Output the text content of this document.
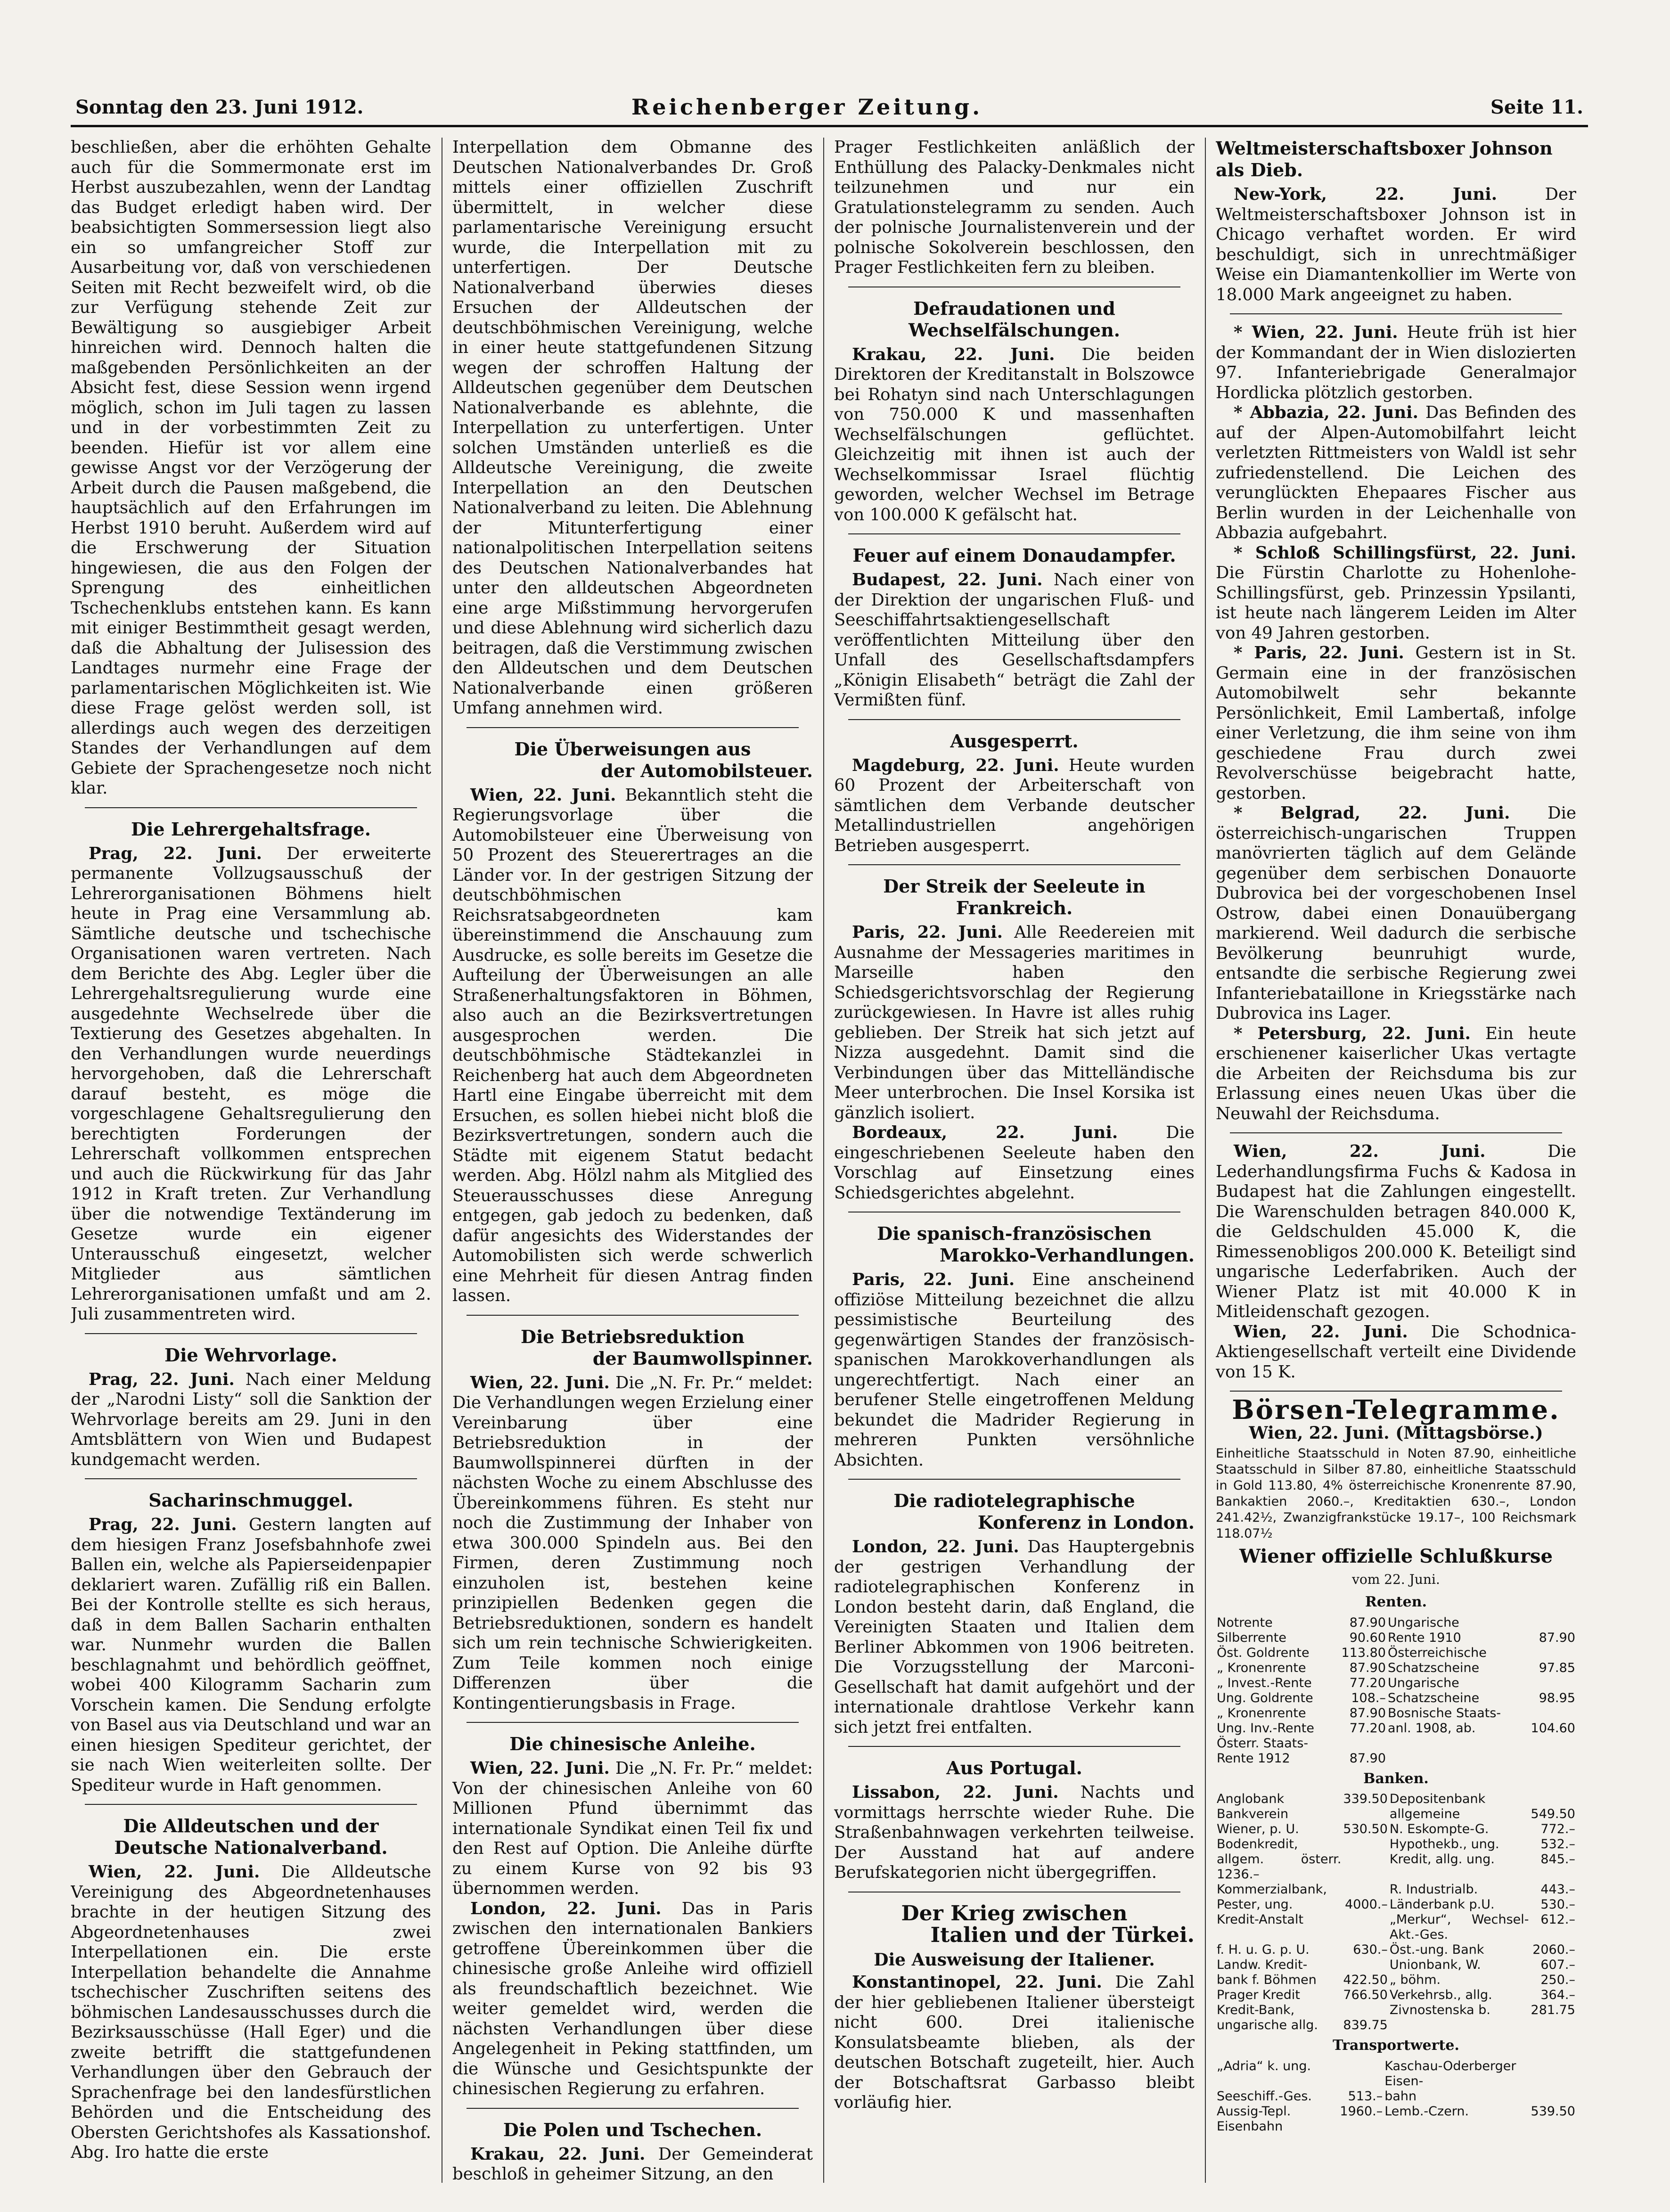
Sonntag den 23. Juni 1912.	Reichenberger Zeitung.	Seite 11.

beschließen, aber die erhöhten Gehalte auch für die Sommermonate erst im Herbst auszubezahlen, wenn der Landtag das Budget erledigt haben wird. Der beabsichtigten Sommersession liegt also ein so umfangreicher Stoff zur Ausarbeitung vor, daß von verschiedenen Seiten mit Recht bezweifelt wird, ob die zur Verfügung stehende Zeit zur Bewältigung so ausgiebiger Arbeit hinreichen wird. Dennoch halten die maßgebenden Persönlichkeiten an der Absicht fest, diese Session wenn irgend möglich, schon im Juli tagen zu lassen und in der vorbestimmten Zeit zu beenden. Hiefür ist vor allem eine gewisse Angst vor der Verzögerung der Arbeit durch die Pausen maßgebend, die hauptsächlich auf den Erfahrungen im Herbst 1910 beruht. Außerdem wird auf die Erschwerung der Situation hingewiesen, die aus den Folgen der Sprengung des einheitlichen Tschechenklubs entstehen kann. Es kann mit einiger Bestimmtheit gesagt werden, daß die Abhaltung der Julisession des Landtages nurmehr eine Frage der parlamentarischen Möglichkeiten ist. Wie diese Frage gelöst werden soll, ist allerdings auch wegen des derzeitigen Standes der Verhandlungen auf dem Gebiete der Sprachengesetze noch nicht klar.

Die Lehrergehaltsfrage.

Prag, 22. Juni. Der erweiterte permanente Vollzugsausschuß der Lehrerorganisationen Böhmens hielt heute in Prag eine Versammlung ab. Sämtliche deutsche und tschechische Organisationen waren vertreten. Nach dem Berichte des Abg. Legler über die Lehrergehaltsregulierung wurde eine ausgedehnte Wechselrede über die Textierung des Gesetzes abgehalten. In den Verhandlungen wurde neuerdings hervorgehoben, daß die Lehrerschaft darauf besteht, es möge die vorgeschlagene Gehaltsregulierung den berechtigten Forderungen der Lehrerschaft vollkommen entsprechen und auch die Rückwirkung für das Jahr 1912 in Kraft treten. Zur Verhandlung über die notwendige Textänderung im Gesetze wurde ein eigener Unterausschuß eingesetzt, welcher Mitglieder aus sämtlichen Lehrerorganisationen umfaßt und am 2. Juli zusammentreten wird.

Die Wehrvorlage.

Prag, 22. Juni. Nach einer Meldung der „Narodni Listy“ soll die Sanktion der Wehrvorlage bereits am 29. Juni in den Amtsblättern von Wien und Budapest kundgemacht werden.

Sacharinschmuggel.

Prag, 22. Juni. Gestern langten auf dem hiesigen Franz Josefsbahnhofe zwei Ballen ein, welche als Papierseidenpapier deklariert waren. Zufällig riß ein Ballen. Bei der Kontrolle stellte es sich heraus, daß in dem Ballen Sacharin enthalten war. Nunmehr wurden die Ballen beschlagnahmt und behördlich geöffnet, wobei 400 Kilogramm Sacharin zum Vorschein kamen. Die Sendung erfolgte von Basel aus via Deutschland und war an einen hiesigen Spediteur gerichtet, der sie nach Wien weiterleiten sollte. Der Spediteur wurde in Haft genommen.

Die Alldeutschen und der
Deutsche Nationalverband.

Wien, 22. Juni. Die Alldeutsche Vereinigung des Abgeordnetenhauses brachte in der heutigen Sitzung des Abgeordnetenhauses zwei Interpellationen ein. Die erste Interpellation behandelte die Annahme tschechischer Zuschriften seitens des böhmischen Landesausschusses durch die Bezirksausschüsse (Hall Eger) und die zweite betrifft die stattgefundenen Verhandlungen über den Gebrauch der Sprachenfrage bei den landesfürstlichen Behörden und die Entscheidung des Obersten Gerichtshofes als Kassationshof. Abg. Iro hatte die erste

Interpellation dem Obmanne des Deutschen Nationalverbandes Dr. Groß mittels einer offiziellen Zuschrift übermittelt, in welcher diese parlamentarische Vereinigung ersucht wurde, die Interpellation mit zu unterfertigen. Der Deutsche Nationalverband überwies dieses Ersuchen der Alldeutschen der deutschböhmischen Vereinigung, welche in einer heute stattgefundenen Sitzung wegen der schroffen Haltung der Alldeutschen gegenüber dem Deutschen Nationalverbande es ablehnte, die Interpellation zu unterfertigen. Unter solchen Umständen unterließ es die Alldeutsche Vereinigung, die zweite Interpellation an den Deutschen Nationalverband zu leiten. Die Ablehnung der Mitunterfertigung einer nationalpolitischen Interpellation seitens des Deutschen Nationalverbandes hat unter den alldeutschen Abgeordneten eine arge Mißstimmung hervorgerufen und diese Ablehnung wird sicherlich dazu beitragen, daß die Verstimmung zwischen den Alldeutschen und dem Deutschen Nationalverbande einen größeren Umfang annehmen wird.

Die Überweisungen aus
der Automobilsteuer.

Wien, 22. Juni. Bekanntlich steht die Regierungsvorlage über die Automobilsteuer eine Überweisung von 50 Prozent des Steuerertrages an die Länder vor. In der gestrigen Sitzung der deutschböhmischen Reichsratsabgeordneten kam übereinstimmend die Anschauung zum Ausdrucke, es solle bereits im Gesetze die Aufteilung der Überweisungen an alle Straßenerhaltungsfaktoren in Böhmen, also auch an die Bezirksvertretungen ausgesprochen werden. Die deutschböhmische Städtekanzlei in Reichenberg hat auch dem Abgeordneten Hartl eine Eingabe überreicht mit dem Ersuchen, es sollen hiebei nicht bloß die Bezirksvertretungen, sondern auch die Städte mit eigenem Statut bedacht werden. Abg. Hölzl nahm als Mitglied des Steuerausschusses diese Anregung entgegen, gab jedoch zu bedenken, daß dafür angesichts des Widerstandes der Automobilisten sich werde schwerlich eine Mehrheit für diesen Antrag finden lassen.

Die Betriebsreduktion
der Baumwollspinner.

Wien, 22. Juni. Die „N. Fr. Pr.“ meldet: Die Verhandlungen wegen Erzielung einer Vereinbarung über eine Betriebsreduktion in der Baumwollspinnerei dürften in der nächsten Woche zu einem Abschlusse des Übereinkommens führen. Es steht nur noch die Zustimmung der Inhaber von etwa 300.000 Spindeln aus. Bei den Firmen, deren Zustimmung noch einzuholen ist, bestehen keine prinzipiellen Bedenken gegen die Betriebsreduktionen, sondern es handelt sich um rein technische Schwierigkeiten. Zum Teile kommen noch einige Differenzen über die Kontingentierungsbasis in Frage.

Die chinesische Anleihe.

Wien, 22. Juni. Die „N. Fr. Pr.“ meldet: Von der chinesischen Anleihe von 60 Millionen Pfund übernimmt das internationale Syndikat einen Teil fix und den Rest auf Option. Die Anleihe dürfte zu einem Kurse von 92 bis 93 übernommen werden.

London, 22. Juni. Das in Paris zwischen den internationalen Bankiers getroffene Übereinkommen über die chinesische große Anleihe wird offiziell als freundschaftlich bezeichnet. Wie weiter gemeldet wird, werden die nächsten Verhandlungen über diese Angelegenheit in Peking stattfinden, um die Wünsche und Gesichtspunkte der chinesischen Regierung zu erfahren.

Die Polen und Tschechen.

Krakau, 22. Juni. Der Gemeinderat beschloß in geheimer Sitzung, an den

Prager Festlichkeiten anläßlich der Enthüllung des Palacky-Denkmales nicht teilzunehmen und nur ein Gratulationstelegramm zu senden. Auch der polnische Journalistenverein und der polnische Sokolverein beschlossen, den Prager Festlichkeiten fern zu bleiben.

Defraudationen und Wechselfälschungen.

Krakau, 22. Juni. Die beiden Direktoren der Kreditanstalt in Bolszowce bei Rohatyn sind nach Unterschlagungen von 750.000 K und massenhaften Wechselfälschungen geflüchtet. Gleichzeitig mit ihnen ist auch der Wechselkommissar Israel flüchtig geworden, welcher Wechsel im Betrage von 100.000 K gefälscht hat.

Feuer auf einem Donaudampfer.

Budapest, 22. Juni. Nach einer von der Direktion der ungarischen Fluß- und Seeschiffahrtsaktiengesellschaft veröffentlichten Mitteilung über den Unfall des Gesellschaftsdampfers „Königin Elisabeth“ beträgt die Zahl der Vermißten fünf.

Ausgesperrt.

Magdeburg, 22. Juni. Heute wurden 60 Prozent der Arbeiterschaft von sämtlichen dem Verbande deutscher Metallindustriellen angehörigen Betrieben ausgesperrt.

Der Streik der Seeleute in Frankreich.

Paris, 22. Juni. Alle Reedereien mit Ausnahme der Messageries maritimes in Marseille haben den Schiedsgerichtsvorschlag der Regierung zurückgewiesen. In Havre ist alles ruhig geblieben. Der Streik hat sich jetzt auf Nizza ausgedehnt. Damit sind die Verbindungen über das Mittelländische Meer unterbrochen. Die Insel Korsika ist gänzlich isoliert.

Bordeaux, 22. Juni.	Die eingeschriebenen Seeleute haben den Vorschlag auf Einsetzung eines Schiedsgerichtes abgelehnt.

Die spanisch-französischen
Marokko-Verhandlungen.

Paris, 22. Juni. Eine anscheinend offiziöse Mitteilung bezeichnet die allzu pessimistische Beurteilung des gegenwärtigen Standes der französisch-spanischen Marokkoverhandlungen als ungerechtfertigt. Nach einer an berufener Stelle eingetroffenen Meldung bekundet die Madrider Regierung in mehreren Punkten versöhnliche Absichten.

Die radiotelegraphische
Konferenz in London.

London, 22. Juni. Das Hauptergebnis der gestrigen Verhandlung der radiotelegraphischen Konferenz in London besteht darin, daß England, die Vereinigten Staaten und Italien dem Berliner Abkommen von 1906 beitreten. Die Vorzugsstellung der Marconi-Gesellschaft hat damit aufgehört und der internationale drahtlose Verkehr kann sich jetzt frei entfalten.

Aus Portugal.

Lissabon, 22. Juni. Nachts und vormittags herrschte wieder Ruhe. Die Straßenbahnwagen verkehrten teilweise. Der Ausstand hat auf andere Berufskategorien nicht übergegriffen.

Der Krieg zwischen
Italien und der Türkei.
Die Ausweisung der Italiener.

Konstantinopel, 22. Juni. Die Zahl der hier gebliebenen Italiener übersteigt nicht 600. Drei italienische Konsulatsbeamte blieben, als der deutschen Botschaft zugeteilt, hier. Auch der Botschaftsrat Garbasso bleibt vorläufig hier.

Weltmeisterschaftsboxer Johnson als Dieb.

New-York, 22. Juni.	Der Weltmeisterschaftsboxer Johnson ist in Chicago verhaftet worden. Er wird beschuldigt, sich in unrechtmäßiger Weise ein Diamantenkollier im Werte von 18.000 Mark angeeignet zu haben.

* Wien, 22. Juni. Heute früh ist hier der Kommandant der in Wien dislozierten 97. Infanteriebrigade Generalmajor Hordlicka plötzlich gestorben.

* Abbazia, 22. Juni. Das Befinden des auf der Alpen-Automobilfahrt leicht verletzten Rittmeisters von Waldl ist sehr zufriedenstellend. Die Leichen des verunglückten Ehepaares Fischer aus Berlin wurden in der Leichenhalle von Abbazia aufgebahrt.

* Schloß Schillingsfürst, 22. Juni. Die Fürstin Charlotte zu Hohenlohe-Schillingsfürst, geb. Prinzessin Ypsilanti, ist heute nach längerem Leiden im Alter von 49 Jahren gestorben.

* Paris, 22. Juni. Gestern ist in St. Germain eine in der französischen Automobilwelt sehr bekannte Persönlichkeit, Emil Lambertaß, infolge einer Verletzung, die ihm seine von ihm geschiedene Frau durch zwei Revolverschüsse beigebracht hatte, gestorben.

* Belgrad, 22. Juni. Die österreichisch-ungarischen Truppen manövrierten täglich auf dem Gelände gegenüber dem serbischen Donauorte Dubrovica bei der vorgeschobenen Insel Ostrow, dabei einen Donauübergang markierend. Weil dadurch die serbische Bevölkerung beunruhigt wurde, entsandte die serbische Regierung zwei Infanteriebataillone in Kriegsstärke nach Dubrovica ins Lager.

* Petersburg, 22. Juni. Ein heute erschienener kaiserlicher Ukas vertagte die Arbeiten der Reichsduma bis zur Erlassung eines neuen Ukas über die Neuwahl der Reichsduma.

Wien, 22. Juni.	Die Lederhandlungsfirma Fuchs & Kadosa in Budapest hat die Zahlungen eingestellt. Die Warenschulden betragen 840.000 K, die Geldschulden 45.000 K, die Rimessenobligos 200.000 K. Beteiligt sind ungarische Lederfabriken. Auch der Wiener Platz ist mit 40.000 K in Mitleidenschaft gezogen.

Wien, 22. Juni. Die Schodnica-Aktiengesellschaft verteilt eine Dividende von 15 K.

Börsen-Telegramme.
Wien, 22. Juni. (Mittagsbörse.)
Einheitliche Staatsschuld in Noten 87.90, einheitliche Staatsschuld in Silber 87.80, einheitliche Staatsschuld in Gold 113.80, 4% österreichische Kronenrente 87.90, Bankaktien 2060.–, Kreditaktien 630.–, London 241.42½, Zwanzigfrankstücke 19.17–, 100 Reichsmark 118.07½
Wiener offizielle Schlußkurse
vom 22. Juni.
Renten.
Notrente	87.90	Ungarische	
Silberrente	90.60	Rente 1910	87.90
Öst. Goldrente	113.80	Österreichische	
„ Kronenrente	87.90	Schatzscheine	97.85
„ Invest.-Rente	77.20	Ungarische	
Ung. Goldrente	108.–	Schatzscheine	98.95
„ Kronenrente	87.90	Bosnische Staats-	
Ung. Inv.-Rente	77.20	anl. 1908, ab.	104.60
Österr. Staats-			
Rente 1912	87.90		
Banken.
Anglobank	339.50	Depositenbank	
Bankverein		allgemeine	549.50
Wiener, p. U.	530.50	N. Eskompte-G.	772.–
Bodenkredit,		Hypothekb., ung.	532.–
allgem. österr. 1236.–		Kredit, allg. ung.	845.–
Kommerzialbank,		R. Industrialb.	443.–
Pester, ung.	4000.–	Länderbank p.U.	530.–
Kredit-Anstalt		„Merkur“, Wechsel-Akt.-Ges.	612.–
f. H. u. G. p. U.	630.–	Öst.-ung. Bank	2060.–
Landw. Kredit-		Unionbank, W.	607.–
bank f. Böhmen	422.50	„ böhm.	250.–
Prager Kredit	766.50	Verkehrsb., allg.	364.–
Kredit-Bank,		Zivnostenska b.	281.75
ungarische allg.	839.75		
Transportwerte.
„Adria“ k. ung.		Kaschau-Oderberger Eisen-	
Seeschiff.-Ges.	513.–	bahn	
Aussig-Tepl. Eisenbahn	1960.–	Lemb.-Czern.	539.50
